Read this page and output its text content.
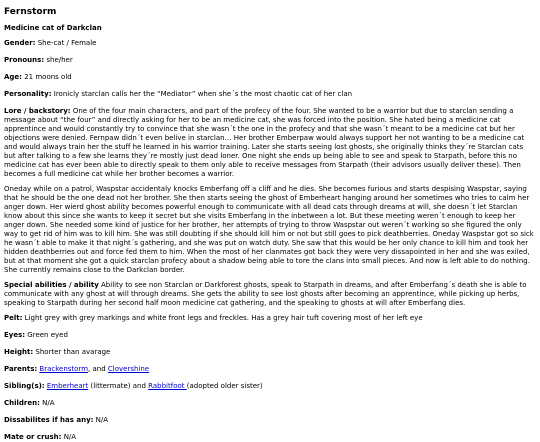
Fernstorm
Medicine cat of Darkclan

Gender: She-cat / Female

Pronouns: she/her

Age: 21 moons old

Personality: Ironicly starclan calls her the “Mediator” when she´s the most chaotic cat of her clan

Lore / backstory: One of the four main characters, and part of the profecy of the four. She wanted to be a warrior but due to starclan sending a message about “the four” and directly asking for her to be an medicine cat, she was forced into the position. She hated being a medicine cat apprentince and would constantly try to convince that she wasn´t the one in the profecy and that she wasn´t meant to be a medicine cat but her objections were denied. Fernpaw didn´t even belive in starclan… Her brother Emberpaw would always support her not wanting to be a medicine cat and would always train her the stuff he learned in his warrior training. Later she starts seeing lost ghosts, she originally thinks they´re Starclan cats but after talking to a few she learns they´re mostly just dead loner. One night she ends up being able to see and speak to Starpath, before this no medicine cat has ever been able to directly speak to them only able to receive messages from Starpath (their advisors usually deliver these). Then becomes a full medicine cat while her brother becomes a warrior.

Oneday while on a patrol, Waspstar accidentaly knocks Emberfang off a cliff and he dies. She becomes furious and starts despising Waspstar, saying that he should be the one dead not her brother. She then starts seeing the ghost of Emberheart hanging around her sometimes who tries to calm her anger down. Her wierd ghost ability becomes powerful enough to communicate with all dead cats through dreams at will, she doesn´t let Starclan know about this since she wants to keep it secret but she visits Emberfang in the inbetween a lot. But these meeting weren´t enough to keep her anger down. She needed some kind of justice for her brother, her attempts of trying to throw Waspstar out weren´t working so she figured the only way to get rid of him was to kill him. She was still doubting if she should kill him or not but still goes to pick deathberries. Oneday Waspstar got so sick he wasn´t able to make it that night´s gathering, and she was put on watch duty. She saw that this would be her only chance to kill him and took her hidden deathberries out and force fed them to him. When the most of her clanmates got back they were very dissapointed in her and she was exiled, but at that moment she got a quick starclan profecy about a shadow being able to tore the clans into small pieces. And now is left able to do nothing. She currently remains close to the Darkclan border.

Special abilities / ability Ability to see non Starclan or Darkforest ghosts, speak to Starpath in dreams, and after Emberfang´s death she is able to communicate with any ghost at will through dreams. She gets the ability to see lost ghosts after becoming an apprentince, while picking up herbs, speaking to Starpath during her second half moon medicine cat gathering, and the speaking to ghosts at will after Emberfang dies.

Pelt: Light grey with grey markings and white front legs and freckles. Has a grey hair tuft covering most of her left eye

Eyes: Green eyed

Height: Shorter than avarage

Parents: Brackenstorm, and Clovershine

Sibling(s): Emberheart (littermate) and Rabbitfoot (adopted older sister)

Children: N/A

Dissabilites if has any: N/A

Mate or crush: N/A
